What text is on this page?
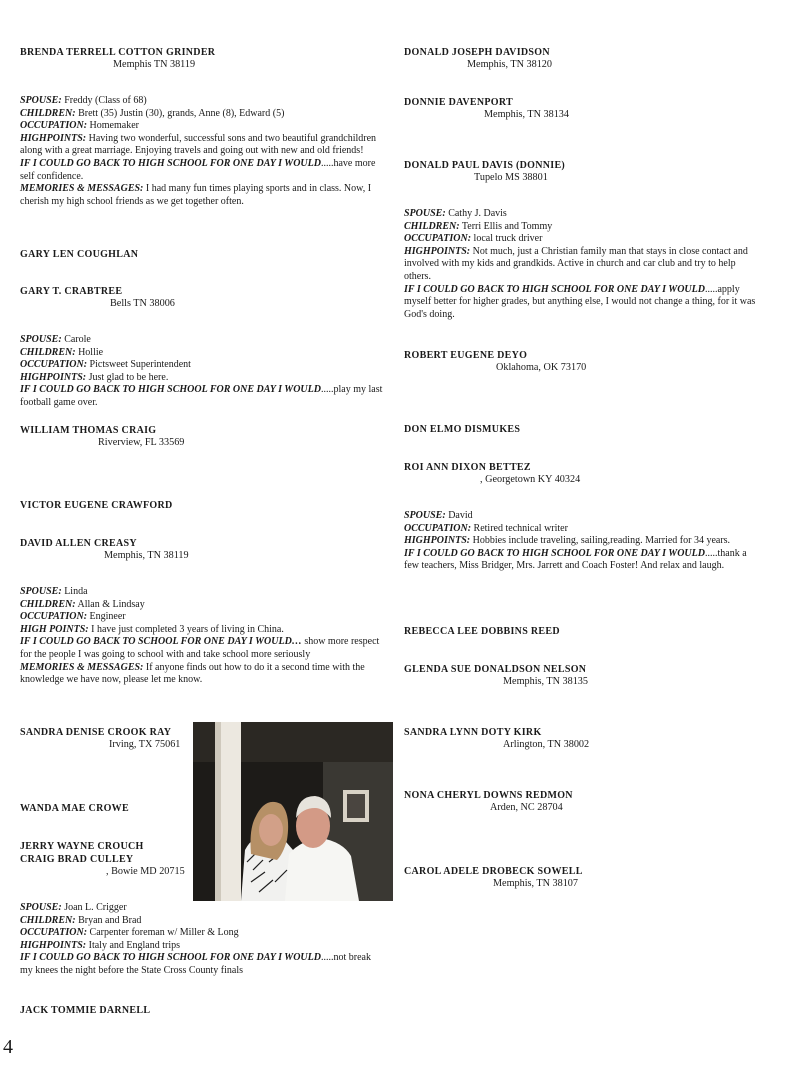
BRENDA TERRELL COTTON GRINDER
Memphis TN 38119

SPOUSE: Freddy (Class of 68)

CHILDREN: Brett (35) Justin (30), grands, Anne (8), Edward (5)

OCCUPATION: Homemaker

HIGHPOINTS: Having two wonderful, successful sons and two beautiful grandchildren along with a great marriage. Enjoying travels and going out with new and old friends!

IF I COULD GO BACK TO HIGH SCHOOL FOR ONE DAY I WOULD.....have more self confidence.

MEMORIES & MESSAGES: I had many fun times playing sports and in class. Now, I cherish my high school friends as we get together often.

GARY LEN COUGHLAN
GARY T. CRABTREE
Bells TN 38006

SPOUSE: Carole

CHILDREN: Hollie

OCCUPATION: Pictsweet Superintendent

HIGHPOINTS: Just glad to be here.

IF I COULD GO BACK TO HIGH SCHOOL FOR ONE DAY I WOULD.....play my last football game over.

WILLIAM THOMAS CRAIG
Riverview, FL 33569
VICTOR EUGENE CRAWFORD
DAVID ALLEN CREASY
Memphis, TN 38119

SPOUSE: Linda

CHILDREN: Allan & Lindsay

OCCUPATION: Engineer

HIGH POINTS: I have just completed 3 years of living in China.

IF I COULD GO BACK TO SCHOOL FOR ONE DAY I WOULD… show more respect for the people I was going to school with and take school more seriously

MEMORIES & MESSAGES: If anyone finds out how to do it a second time with the knowledge we have now, please let me know.

SANDRA DENISE CROOK RAY
Irving, TX 75061
WANDA MAE CROWE
JERRY WAYNE CROUCH
CRAIG BRAD CULLEY
, Bowie MD 20715

SPOUSE: Joan L. Crigger

CHILDREN: Bryan and Brad

OCCUPATION: Carpenter foreman w/ Miller & Long

HIGHPOINTS: Italy and England trips

IF I COULD GO BACK TO HIGH SCHOOL FOR ONE DAY I WOULD.....not break my knees the night before the State Cross County finals

JACK TOMMIE DARNELL
DONALD JOSEPH DAVIDSON
Memphis, TN 38120
DONNIE DAVENPORT
Memphis, TN 38134
DONALD PAUL DAVIS (DONNIE)
Tupelo MS 38801

SPOUSE: Cathy J. Davis

CHILDREN: Terri Ellis and Tommy

OCCUPATION: local truck driver

HIGHPOINTS: Not much, just a Christian family man that stays in close contact and involved with my kids and grandkids. Active in church and car club and try to help others.

IF I COULD GO BACK TO HIGH SCHOOL FOR ONE DAY I WOULD.....apply myself better for higher grades, but anything else, I would not change a thing, for it was God's doing.

ROBERT EUGENE DEYO
Oklahoma, OK 73170
DON ELMO DISMUKES
ROI ANN DIXON BETTEZ
, Georgetown KY 40324

SPOUSE: David

OCCUPATION: Retired technical writer

HIGHPOINTS: Hobbies include traveling, sailing,reading. Married for 34 years.

IF I COULD GO BACK TO HIGH SCHOOL FOR ONE DAY I WOULD.....thank a few teachers, Miss Bridger, Mrs. Jarrett and Coach Foster! And relax and laugh.

REBECCA LEE DOBBINS REED
GLENDA SUE DONALDSON NELSON
Memphis, TN 38135
SANDRA LYNN DOTY KIRK
Arlington, TN 38002
NONA CHERYL DOWNS REDMON
Arden, NC 28704
CAROL ADELE DROBECK SOWELL
Memphis, TN 38107
4
